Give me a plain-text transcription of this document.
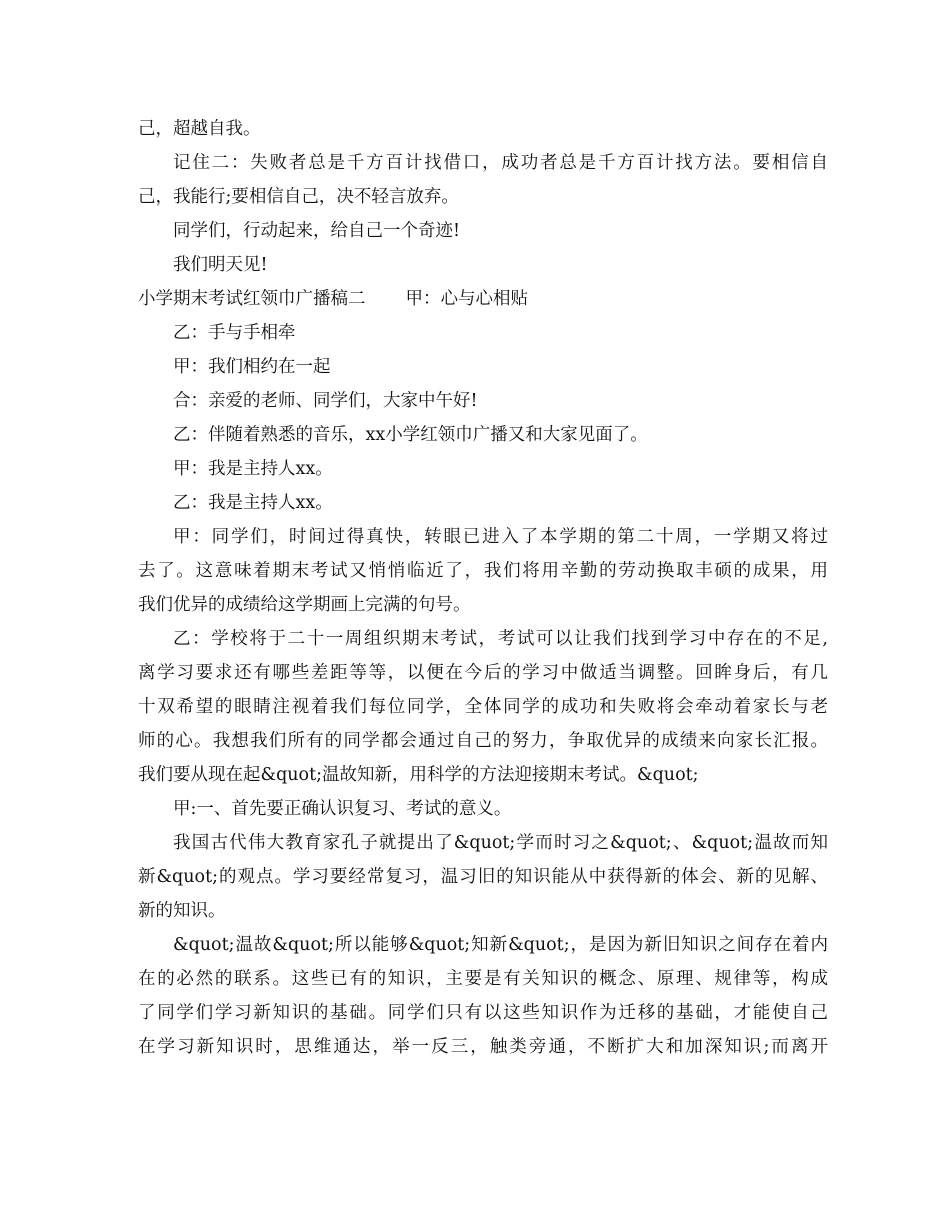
己，超越自我。
记住二：失败者总是千方百计找借口，成功者总是千方百计找方法。要相信自
己，我能行;要相信自己，决不轻言放弃。
同学们，行动起来，给自己一个奇迹!
我们明天见!
小学期末考试红领巾广播稿二 甲：心与心相贴
乙：手与手相牵
甲：我们相约在一起
合：亲爱的老师、同学们，大家中午好!
乙：伴随着熟悉的音乐，xx小学红领巾广播又和大家见面了。
甲：我是主持人xx。
乙：我是主持人xx。
甲：同学们，时间过得真快，转眼已进入了本学期的第二十周，一学期又将过
去了。这意味着期末考试又悄悄临近了，我们将用辛勤的劳动换取丰硕的成果，用
我们优异的成绩给这学期画上完满的句号。
乙：学校将于二十一周组织期末考试，考试可以让我们找到学习中存在的不足,
离学习要求还有哪些差距等等，以便在今后的学习中做适当调整。回眸身后，有几
十双希望的眼睛注视着我们每位同学，全体同学的成功和失败将会牵动着家长与老
师的心。我想我们所有的同学都会通过自己的努力，争取优异的成绩来向家长汇报。
我们要从现在起&quot;温故知新，用科学的方法迎接期末考试。&quot;
甲:一、首先要正确认识复习、考试的意义。
我国古代伟大教育家孔子就提出了&quot;学而时习之&quot;、&quot;温故而知
新&quot;的观点。学习要经常复习，温习旧的知识能从中获得新的体会、新的见解、
新的知识。
&quot;温故&quot;所以能够&quot;知新&quot;，是因为新旧知识之间存在着内
在的必然的联系。这些已有的知识，主要是有关知识的概念、原理、规律等，构成
了同学们学习新知识的基础。同学们只有以这些知识作为迁移的基础，才能使自己
在学习新知识时，思维通达，举一反三，触类旁通，不断扩大和加深知识;而离开
